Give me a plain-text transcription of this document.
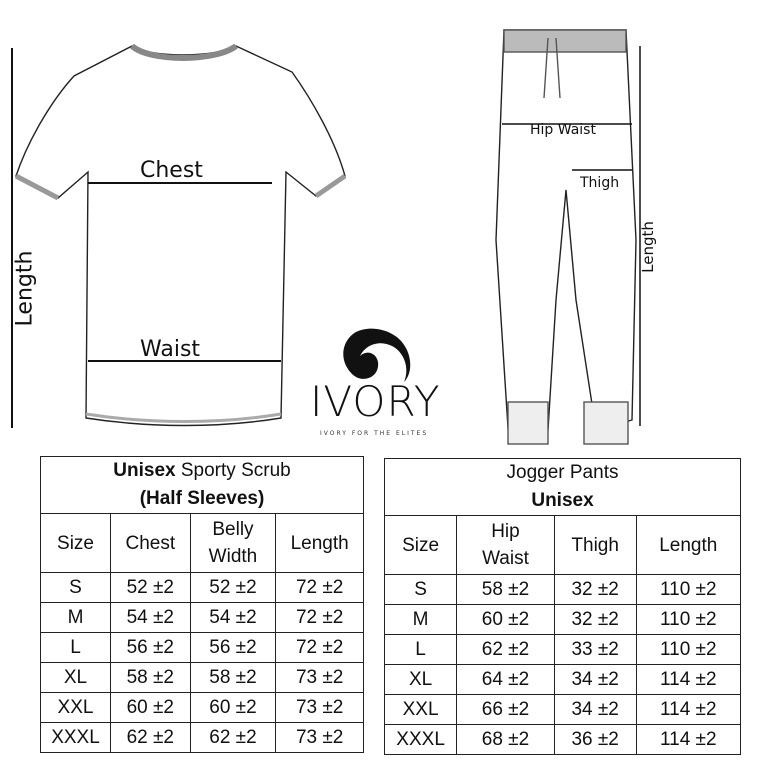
Chest
Waist
Length
Hip Waist
Thigh
Length
IVORY
IVORY FOR THE ELITES
Unisex Sporty Scrub
(Half Sleeves)			
Size	Chest	Belly Width	Length
S	52 ±2	52 ±2	72 ±2
M	54 ±2	54 ±2	72 ±2
L	56 ±2	56 ±2	72 ±2
XL	58 ±2	58 ±2	73 ±2
XXL	60 ±2	60 ±2	73 ±2
XXXL	62 ±2	62 ±2	73 ±2
Jogger Pants
Unisex			
Size	Hip Waist	Thigh	Length
S	58 ±2	32 ±2	110 ±2
M	60 ±2	32 ±2	110 ±2
L	62 ±2	33 ±2	110 ±2
XL	64 ±2	34 ±2	114 ±2
XXL	66 ±2	34 ±2	114 ±2
XXXL	68 ±2	36 ±2	114 ±2
